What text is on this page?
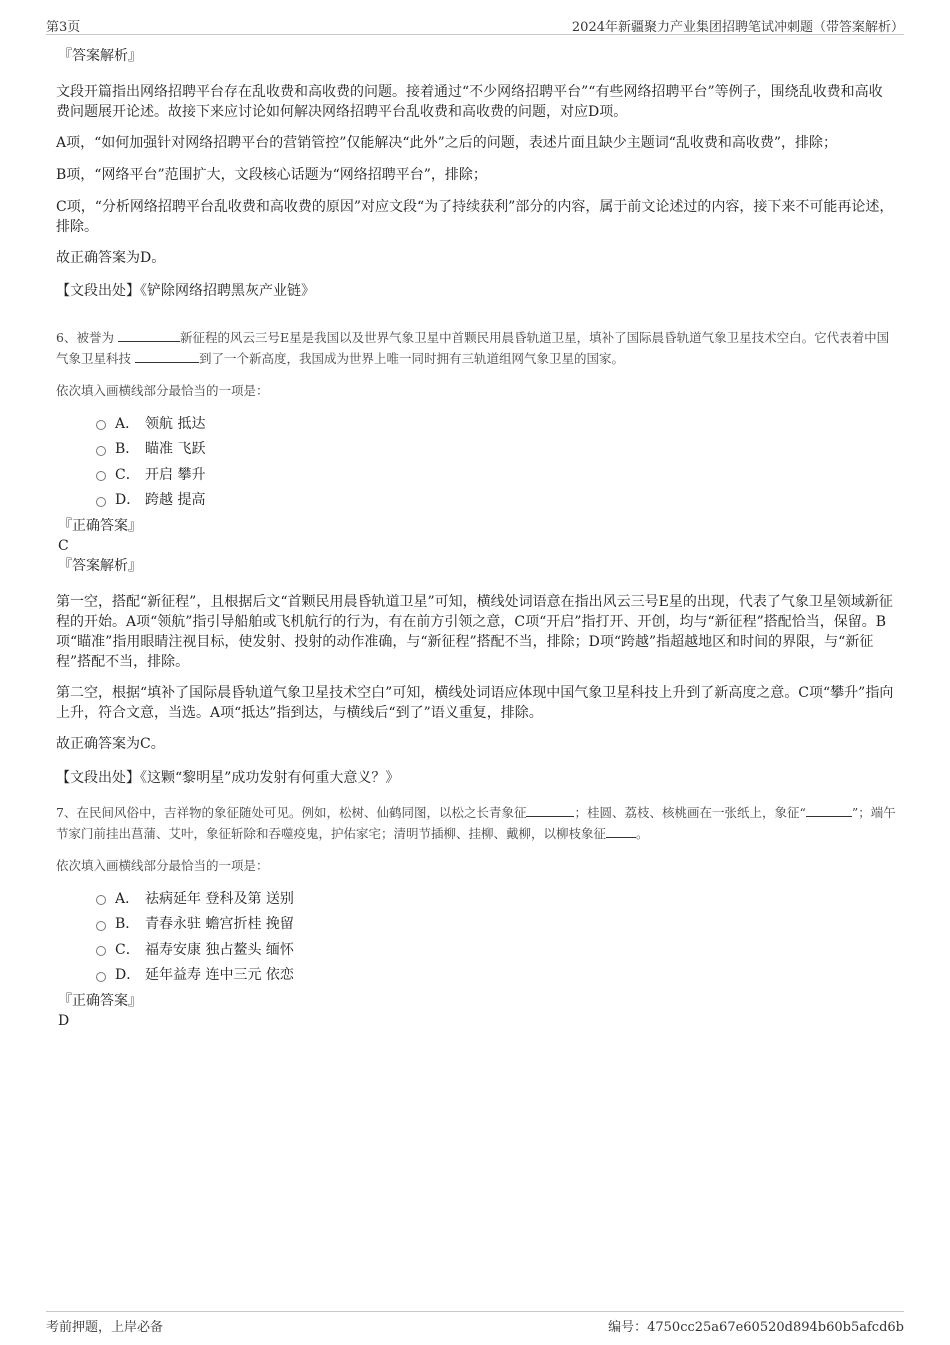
第3页	2024年新疆聚力产业集团招聘笔试冲刺题（带答案解析）

『答案解析』

文段开篇指出网络招聘平台存在乱收费和高收费的问题。接着通过“不少网络招聘平台”“有些网络招聘平台”等例子，围绕乱收费和高收费问题展开论述。故接下来应讨论如何解决网络招聘平台乱收费和高收费的问题，对应D项。

A项，“如何加强针对网络招聘平台的营销管控”仅能解决“此外”之后的问题，表述片面且缺少主题词“乱收费和高收费”，排除；

B项，“网络平台”范围扩大，文段核心话题为“网络招聘平台”，排除；

C项，“分析网络招聘平台乱收费和高收费的原因”对应文段“为了持续获利”部分的内容，属于前文论述过的内容，接下来不可能再论述，排除。

故正确答案为D。

【文段出处】《铲除网络招聘黑灰产业链》

6、被誉为	新征程的风云三号E星是我国以及世界气象卫星中首颗民用晨昏轨道卫星，填补了国际晨昏轨道气象卫星技术空白。它代表着中国气象卫星科技	到了一个新高度，我国成为世界上唯一同时拥有三轨道组网气象卫星的国家。

依次填入画横线部分最恰当的一项是：

A． 领航 抵达
B． 瞄准 飞跃
C． 开启 攀升
D． 跨越 提高

『正确答案』

C

『答案解析』

第一空，搭配“新征程”，且根据后文“首颗民用晨昏轨道卫星”可知，横线处词语意在指出风云三号E星的出现，代表了气象卫星领域新征程的开始。A项“领航”指引导船舶或飞机航行的行为，有在前方引领之意，C项“开启”指打开、开创，均与“新征程”搭配恰当，保留。B项“瞄准”指用眼睛注视目标，使发射、投射的动作准确，与“新征程”搭配不当，排除；D项“跨越”指超越地区和时间的界限，与“新征程”搭配不当，排除。

第二空，根据“填补了国际晨昏轨道气象卫星技术空白”可知，横线处词语应体现中国气象卫星科技上升到了新高度之意。C项“攀升”指向上升，符合文意，当选。A项“抵达”指到达，与横线后“到了”语义重复，排除。

故正确答案为C。

【文段出处】《这颗“黎明星”成功发射有何重大意义？》

7、在民间风俗中，吉祥物的象征随处可见。例如，松树、仙鹤同图，以松之长青象征	；桂圆、荔枝、核桃画在一张纸上，象征“	”；端午节家门前挂出菖蒲、艾叶，象征斩除和吞噬疫鬼，护佑家宅；清明节插柳、挂柳、戴柳，以柳枝象征 。

依次填入画横线部分最恰当的一项是：

A． 祛病延年 登科及第 送别
B． 青春永驻 蟾宫折桂 挽留
C． 福寿安康 独占鳌头 缅怀
D． 延年益寿 连中三元 依恋

『正确答案』

D

考前押题，上岸必备	编号：4750cc25a67e60520d894b60b5afcd6b
